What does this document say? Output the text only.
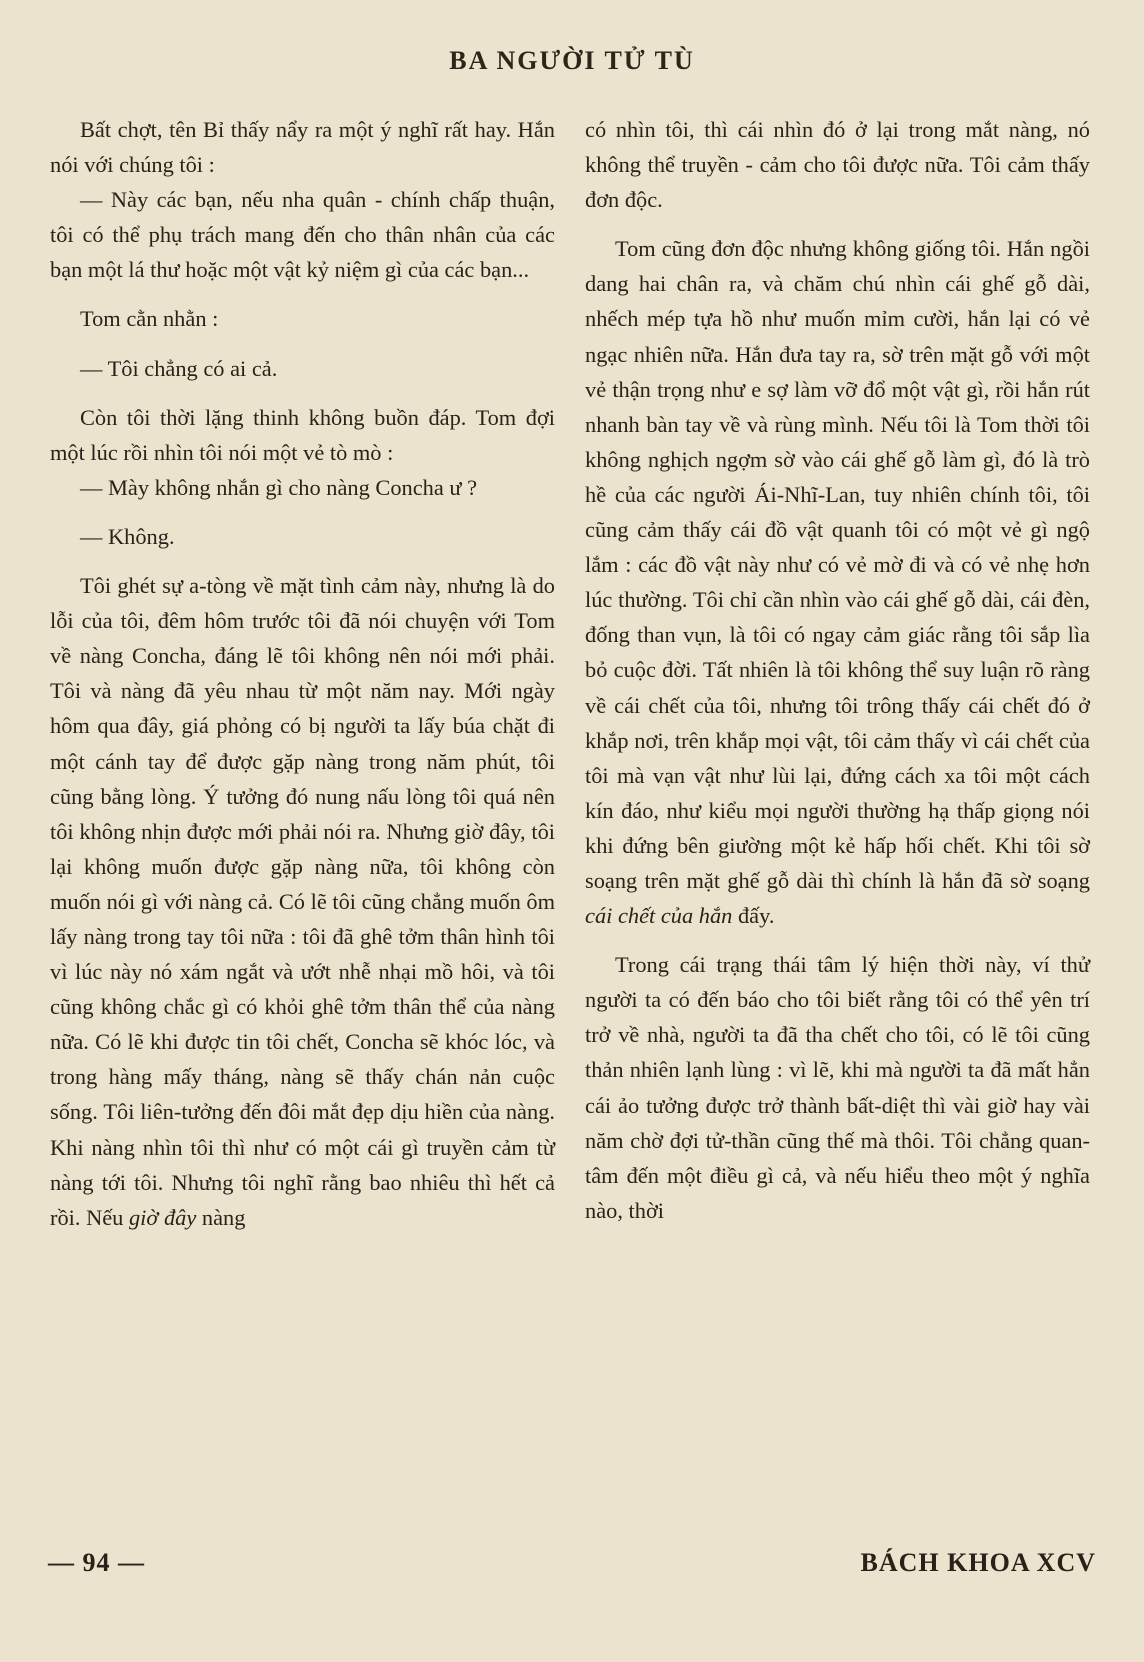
BA NGƯỜI TỬ TÙ

Bất chợt, tên Bỉ thấy nẩy ra một ý nghĩ rất hay. Hắn nói với chúng tôi :

— Này các bạn, nếu nha quân - chính chấp thuận, tôi có thể phụ trách mang đến cho thân nhân của các bạn một lá thư hoặc một vật kỷ niệm gì của các bạn...

Tom cằn nhằn :

— Tôi chẳng có ai cả.

Còn tôi thời lặng thinh không buồn đáp. Tom đợi một lúc rồi nhìn tôi nói một vẻ tò mò :

— Mày không nhắn gì cho nàng Concha ư ?

— Không.

Tôi ghét sự a-tòng về mặt tình cảm này, nhưng là do lỗi của tôi, đêm hôm trước tôi đã nói chuyện với Tom về nàng Concha, đáng lẽ tôi không nên nói mới phải. Tôi và nàng đã yêu nhau từ một năm nay. Mới ngày hôm qua đây, giá phỏng có bị người ta lấy búa chặt đi một cánh tay để được gặp nàng trong năm phút, tôi cũng bằng lòng. Ý tưởng đó nung nấu lòng tôi quá nên tôi không nhịn được mới phải nói ra. Nhưng giờ đây, tôi lại không muốn được gặp nàng nữa, tôi không còn muốn nói gì với nàng cả. Có lẽ tôi cũng chẳng muốn ôm lấy nàng trong tay tôi nữa : tôi đã ghê tởm thân hình tôi vì lúc này nó xám ngắt và ướt nhễ nhại mồ hôi, và tôi cũng không chắc gì có khỏi ghê tởm thân thể của nàng nữa. Có lẽ khi được tin tôi chết, Concha sẽ khóc lóc, và trong hàng mấy tháng, nàng sẽ thấy chán nản cuộc sống. Tôi liên-tưởng đến đôi mắt đẹp dịu hiền của nàng. Khi nàng nhìn tôi thì như có một cái gì truyền cảm từ nàng tới tôi. Nhưng tôi nghĩ rằng bao nhiêu thì hết cả rồi. Nếu giờ đây nàng

có nhìn tôi, thì cái nhìn đó ở lại trong mắt nàng, nó không thể truyền - cảm cho tôi được nữa. Tôi cảm thấy đơn độc.

Tom cũng đơn độc nhưng không giống tôi. Hắn ngồi dang hai chân ra, và chăm chú nhìn cái ghế gỗ dài, nhếch mép tựa hồ như muốn mỉm cười, hắn lại có vẻ ngạc nhiên nữa. Hắn đưa tay ra, sờ trên mặt gỗ với một vẻ thận trọng như e sợ làm vỡ đổ một vật gì, rồi hắn rút nhanh bàn tay về và rùng mình. Nếu tôi là Tom thời tôi không nghịch ngợm sờ vào cái ghế gỗ làm gì, đó là trò hề của các người Ái-Nhĩ-Lan, tuy nhiên chính tôi, tôi cũng cảm thấy cái đồ vật quanh tôi có một vẻ gì ngộ lắm : các đồ vật này như có vẻ mờ đi và có vẻ nhẹ hơn lúc thường. Tôi chỉ cần nhìn vào cái ghế gỗ dài, cái đèn, đống than vụn, là tôi có ngay cảm giác rằng tôi sắp lìa bỏ cuộc đời. Tất nhiên là tôi không thể suy luận rõ ràng về cái chết của tôi, nhưng tôi trông thấy cái chết đó ở khắp nơi, trên khắp mọi vật, tôi cảm thấy vì cái chết của tôi mà vạn vật như lùi lại, đứng cách xa tôi một cách kín đáo, như kiểu mọi người thường hạ thấp giọng nói khi đứng bên giường một kẻ hấp hối chết. Khi tôi sờ soạng trên mặt ghế gỗ dài thì chính là hắn đã sờ soạng cái chết của hắn đấy.

Trong cái trạng thái tâm lý hiện thời này, ví thử người ta có đến báo cho tôi biết rằng tôi có thể yên trí trở về nhà, người ta đã tha chết cho tôi, có lẽ tôi cũng thản nhiên lạnh lùng : vì lẽ, khi mà người ta đã mất hẳn cái ảo tưởng được trở thành bất-diệt thì vài giờ hay vài năm chờ đợi tử-thần cũng thế mà thôi. Tôi chẳng quan-tâm đến một điều gì cả, và nếu hiểu theo một ý nghĩa nào, thời

— 94 —	BÁCH KHOA XCV
